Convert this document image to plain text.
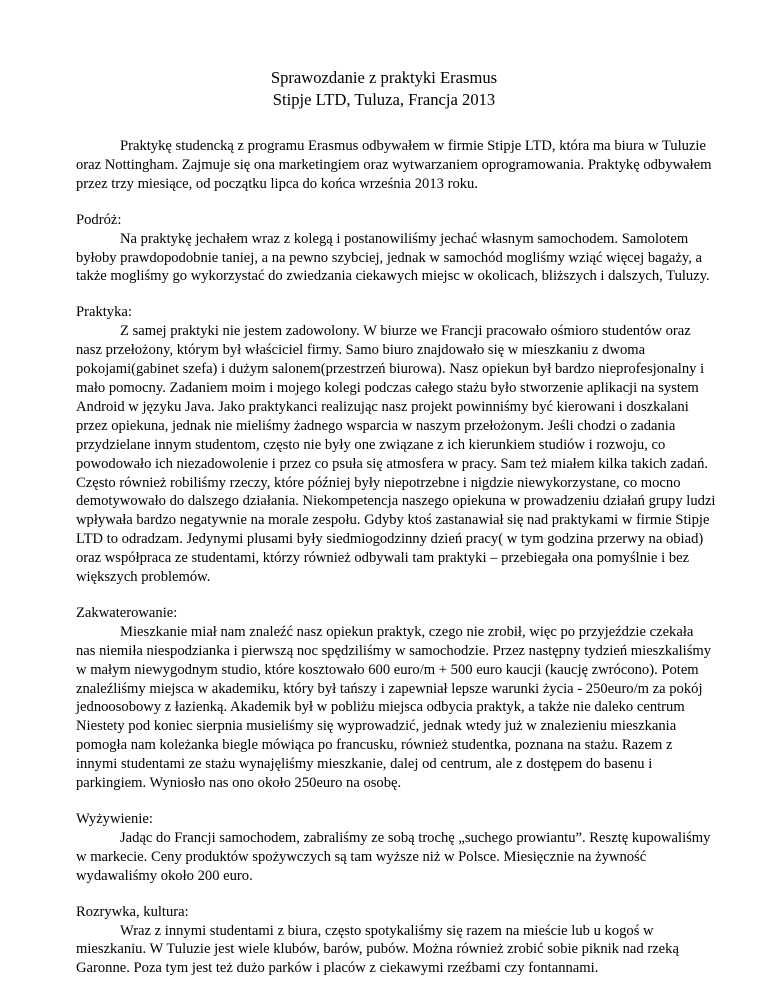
Sprawozdanie z praktyki Erasmus
Stipje LTD, Tuluza, Francja 2013

Praktykę studencką z programu Erasmus odbywałem w firmie Stipje LTD, która ma biura w Tuluzie oraz Nottingham. Zajmuje się ona marketingiem oraz wytwarzaniem oprogramowania. Praktykę odbywałem przez trzy miesiące, od początku lipca do końca września 2013 roku.

Podróż:

Na praktykę jechałem wraz z kolegą i postanowiliśmy jechać własnym samochodem. Samolotem byłoby prawdopodobnie taniej, a na pewno szybciej, jednak w samochód mogliśmy wziąć więcej bagaży, a także mogliśmy go wykorzystać do zwiedzania ciekawych miejsc w okolicach, bliższych i dalszych, Tuluzy.

Praktyka:

Z samej praktyki nie jestem zadowolony. W biurze we Francji pracowało ośmioro studentów oraz nasz przełożony, którym był właściciel firmy. Samo biuro znajdowało się w mieszkaniu z dwoma pokojami(gabinet szefa) i dużym salonem(przestrzeń biurowa). Nasz opiekun był bardzo nieprofesjonalny i mało pomocny. Zadaniem moim i mojego kolegi podczas całego stażu było stworzenie aplikacji na system Android w języku Java. Jako praktykanci realizując nasz projekt powinniśmy być kierowani i doszkalani przez opiekuna, jednak nie mieliśmy żadnego wsparcia w naszym przełożonym. Jeśli chodzi o zadania przydzielane innym studentom, często nie były one związane z ich kierunkiem studiów i rozwoju, co powodowało ich niezadowolenie i przez co psuła się atmosfera w pracy. Sam też miałem kilka takich zadań. Często również robiliśmy rzeczy, które później były niepotrzebne i nigdzie niewykorzystane, co mocno demotywowało do dalszego działania. Niekompetencja naszego opiekuna w prowadzeniu działań grupy ludzi wpływała bardzo negatywnie na morale zespołu. Gdyby ktoś zastanawiał się nad praktykami w firmie Stipje LTD to odradzam. Jedynymi plusami były siedmiogodzinny dzień pracy( w tym godzina przerwy na obiad) oraz współpraca ze studentami, którzy również odbywali tam praktyki – przebiegała ona pomyślnie i bez większych problemów.

Zakwaterowanie:

Mieszkanie miał nam znaleźć nasz opiekun praktyk, czego nie zrobił, więc po przyjeździe czekała nas niemiła niespodzianka i pierwszą noc spędziliśmy w samochodzie. Przez następny tydzień mieszkaliśmy w małym niewygodnym studio, które kosztowało 600 euro/m + 500 euro kaucji (kaucję zwrócono). Potem znaleźliśmy miejsca w akademiku, który był tańszy i zapewniał lepsze warunki życia - 250euro/m za pokój jednoosobowy z łazienką. Akademik był w pobliżu miejsca odbycia praktyk, a także nie daleko centrum Niestety pod koniec sierpnia musieliśmy się wyprowadzić, jednak wtedy już w znalezieniu mieszkania pomogła nam koleżanka biegle mówiąca po francusku, również studentka, poznana na stażu. Razem z innymi studentami ze stażu wynajęliśmy mieszkanie, dalej od centrum, ale z dostępem do basenu i parkingiem. Wyniosło nas ono około 250euro na osobę.

Wyżywienie:

Jadąc do Francji samochodem, zabraliśmy ze sobą trochę „suchego prowiantu”. Resztę kupowaliśmy w markecie. Ceny produktów spożywczych są tam wyższe niż w Polsce. Miesięcznie na żywność wydawaliśmy około 200 euro.

Rozrywka, kultura:

Wraz z innymi studentami z biura, często spotykaliśmy się razem na mieście lub u kogoś w mieszkaniu. W Tuluzie jest wiele klubów, barów, pubów. Można również zrobić sobie piknik nad rzeką Garonne. Poza tym jest też dużo parków i placów z ciekawymi rzeźbami czy fontannami.
